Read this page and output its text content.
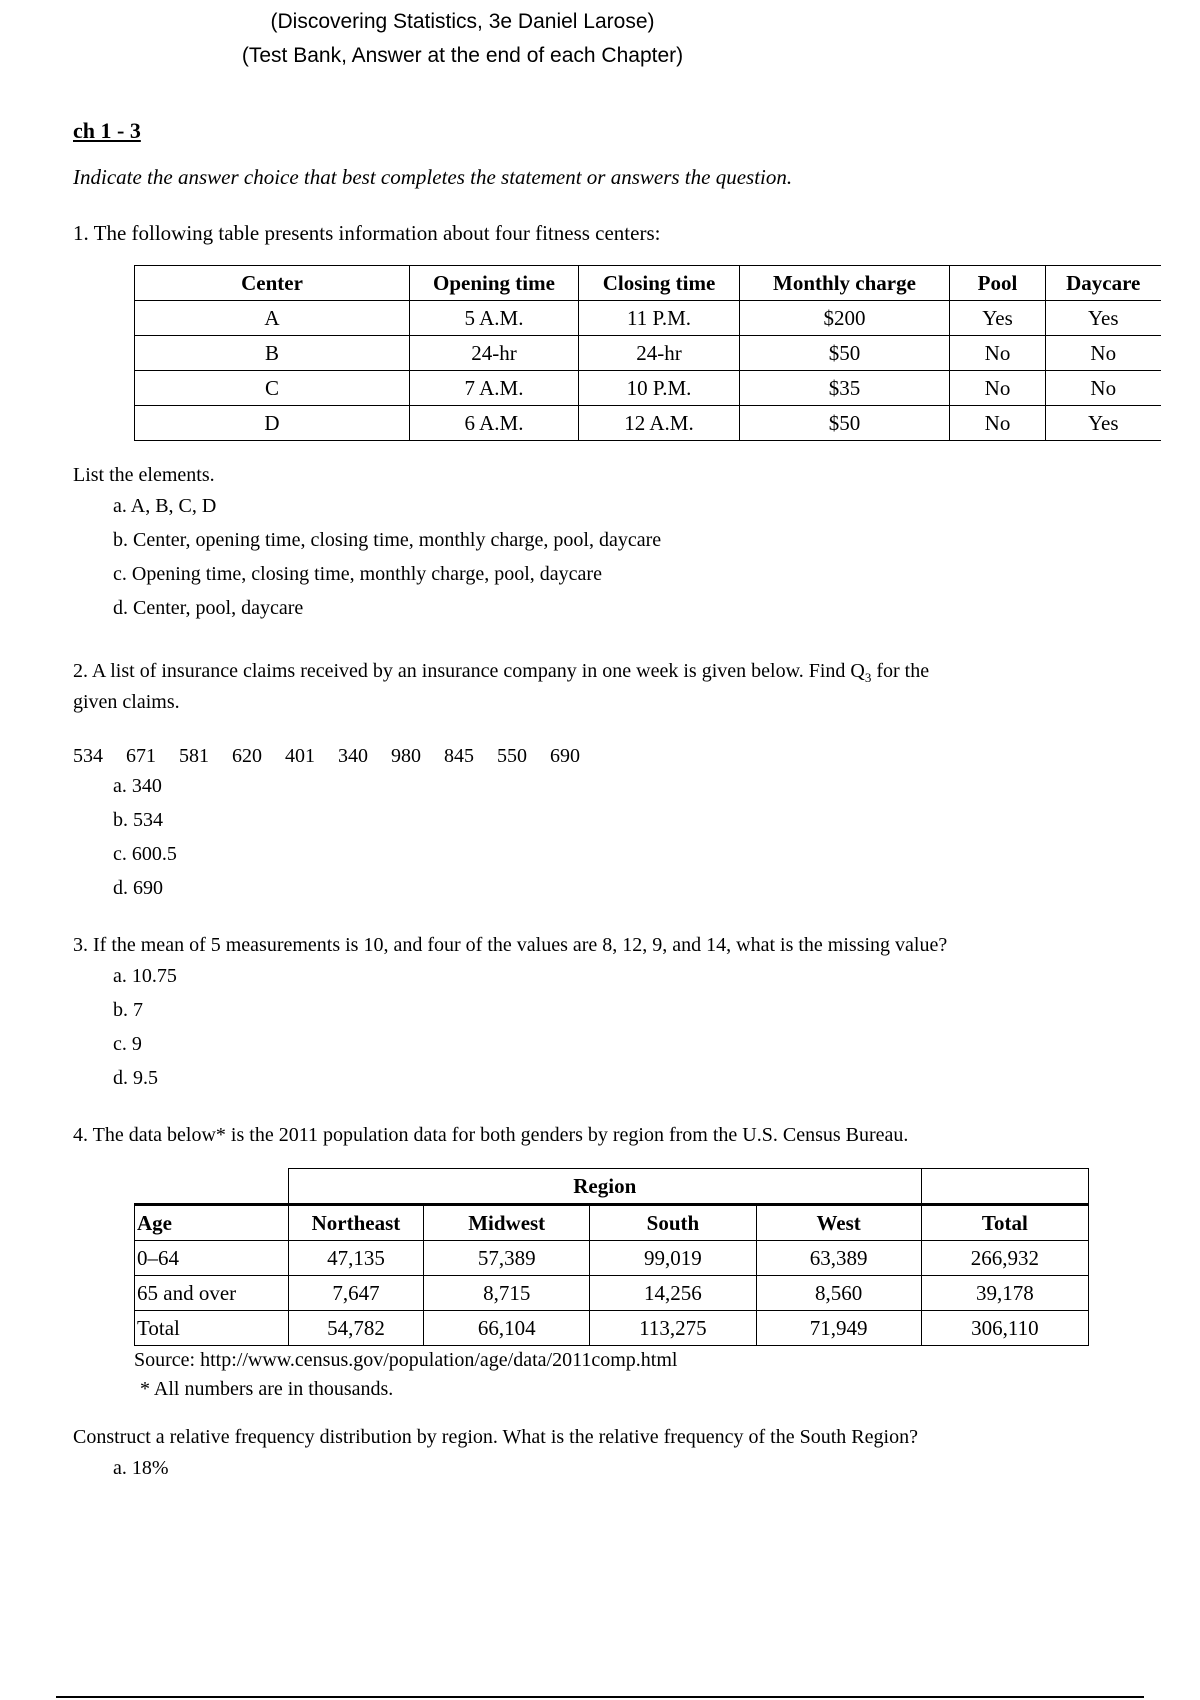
(Discovering Statistics, 3e Daniel Larose)
(Test Bank, Answer at the end of each Chapter)
ch 1 - 3
Indicate the answer choice that best completes the statement or answers the question.
1. The following table presents information about four fitness centers:
Center	Opening time	Closing time	Monthly charge	Pool	Daycare
A	5 A.M.	11 P.M.	$200	Yes	Yes
B	24-hr	24-hr	$50	No	No
C	7 A.M.	10 P.M.	$35	No	No
D	6 A.M.	12 A.M.	$50	No	Yes
List the elements.
a. A, B, C, D
b. Center, opening time, closing time, monthly charge, pool, daycare
c. Opening time, closing time, monthly charge, pool, daycare
d. Center, pool, daycare
2. A list of insurance claims received by an insurance company in one week is given below. Find $Q_3$ for the
given claims.
534 671 581 620 401 340 980 845 550 690
a. 340
b. 534
c. 600.5
d. 690
3. If the mean of 5 measurements is 10, and four of the values are 8, 12, 9, and 14, what is the missing value?
a. 10.75
b. 7
c. 9
d. 9.5
4. The data below* is the 2011 population data for both genders by region from the U.S. Census Bureau.
	Region				
Age	Northeast	Midwest	South	West	Total
0–64	47,135	57,389	99,019	63,389	266,932
65 and over	7,647	8,715	14,256	8,560	39,178
Total	54,782	66,104	113,275	71,949	306,110
Source: http://www.census.gov/population/age/data/2011comp.html
* All numbers are in thousands.
Construct a relative frequency distribution by region. What is the relative frequency of the South Region?
a. 18%
